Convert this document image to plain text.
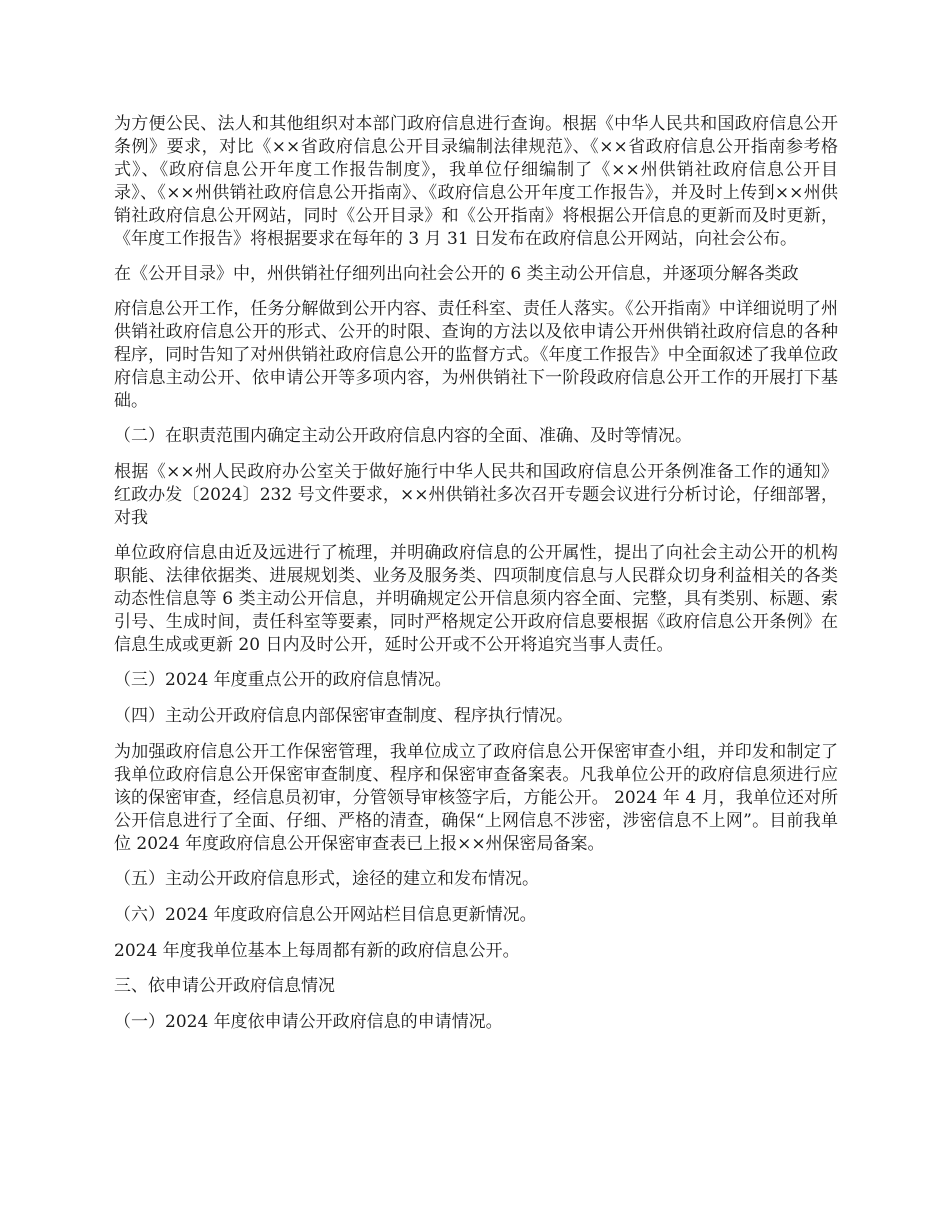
为方便公民、法人和其他组织对本部门政府信息进行查询。根据《中华人民共和国政府信息公开条例》要求，对比《××省政府信息公开目录编制法律规范》、《××省政府信息公开指南参考格式》、《政府信息公开年度工作报告制度》，我单位仔细编制了《××州供销社政府信息公开目录》、《××州供销社政府信息公开指南》、《政府信息公开年度工作报告》，并及时上传到××州供销社政府信息公开网站，同时《公开目录》和《公开指南》将根据公开信息的更新而及时更新，《年度工作报告》将根据要求在每年的 3 月 31 日发布在政府信息公开网站，向社会公布。

在《公开目录》中，州供销社仔细列出向社会公开的 6 类主动公开信息，并逐项分解各类政

府信息公开工作，任务分解做到公开内容、责任科室、责任人落实。《公开指南》中详细说明了州供销社政府信息公开的形式、公开的时限、查询的方法以及依申请公开州供销社政府信息的各种程序，同时告知了对州供销社政府信息公开的监督方式。《年度工作报告》中全面叙述了我单位政府信息主动公开、依申请公开等多项内容，为州供销社下一阶段政府信息公开工作的开展打下基础。

（二）在职责范围内确定主动公开政府信息内容的全面、准确、及时等情况。

根据《××州人民政府办公室关于做好施行中华人民共和国政府信息公开条例准备工作的通知》红政办发〔2024〕232 号文件要求，××州供销社多次召开专题会议进行分析讨论，仔细部署，对我

单位政府信息由近及远进行了梳理，并明确政府信息的公开属性，提出了向社会主动公开的机构职能、法律依据类、进展规划类、业务及服务类、四项制度信息与人民群众切身利益相关的各类动态性信息等 6 类主动公开信息，并明确规定公开信息须内容全面、完整，具有类别、标题、索引号、生成时间，责任科室等要素，同时严格规定公开政府信息要根据《政府信息公开条例》在信息生成或更新 20 日内及时公开，延时公开或不公开将追究当事人责任。

（三）2024 年度重点公开的政府信息情况。

（四）主动公开政府信息内部保密审查制度、程序执行情况。

为加强政府信息公开工作保密管理，我单位成立了政府信息公开保密审查小组，并印发和制定了我单位政府信息公开保密审查制度、程序和保密审查备案表。凡我单位公开的政府信息须进行应该的保密审查，经信息员初审，分管领导审核签字后，方能公开。 2024 年 4 月，我单位还对所公开信息进行了全面、仔细、严格的清查，确保“上网信息不涉密，涉密信息不上网”。目前我单位 2024 年度政府信息公开保密审查表已上报××州保密局备案。

（五）主动公开政府信息形式，途径的建立和发布情况。

（六）2024 年度政府信息公开网站栏目信息更新情况。

2024 年度我单位基本上每周都有新的政府信息公开。

三、依申请公开政府信息情况

（一）2024 年度依申请公开政府信息的申请情况。
